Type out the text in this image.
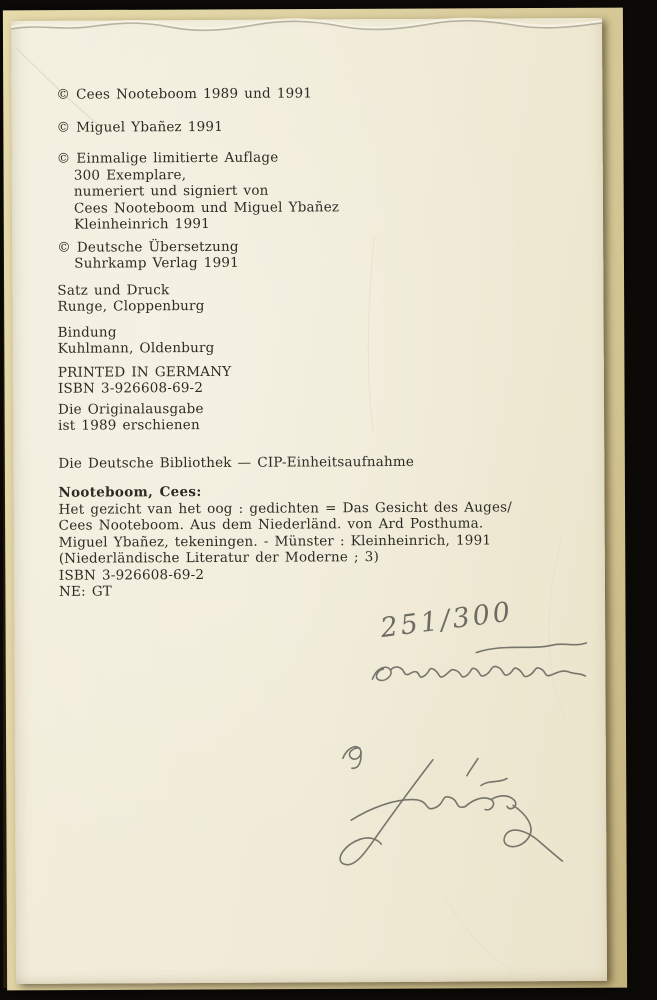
© Cees Nooteboom 1989 und 1991
© Miguel Ybañez 1991
© Einmalige limitierte Auflage
300 Exemplare,
numeriert und signiert von
Cees Nooteboom und Miguel Ybañez
Kleinheinrich 1991
© Deutsche Übersetzung
Suhrkamp Verlag 1991
Satz und Druck
Runge, Cloppenburg
Bindung
Kuhlmann, Oldenburg
PRINTED IN GERMANY
ISBN 3-926608-69-2
Die Originalausgabe
ist 1989 erschienen
Die Deutsche Bibliothek — CIP-Einheitsaufnahme
Nooteboom, Cees:
Het gezicht van het oog : gedichten = Das Gesicht des Auges/
Cees Nooteboom. Aus dem Niederländ. von Ard Posthuma.
Miguel Ybañez, tekeningen. - Münster : Kleinheinrich, 1991
(Niederländische Literatur der Moderne ; 3)
ISBN 3-926608-69-2
NE: GT
251/300
